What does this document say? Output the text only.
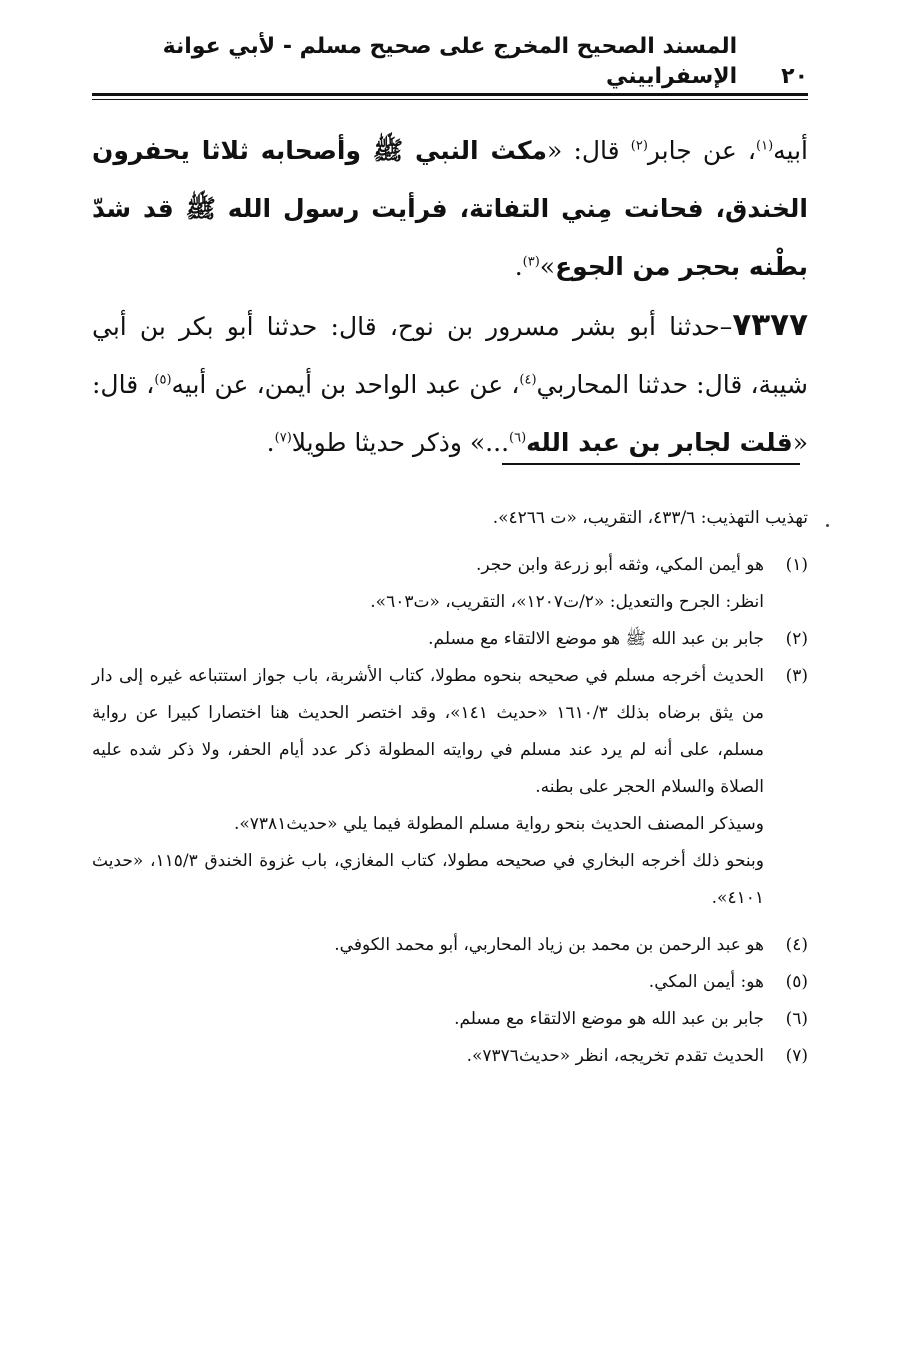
٢٠
المسند الصحيح المخرج على صحيح مسلم - لأبي عوانة الإسفراييني

أبيه$^{(١)}$، عن جابر$^{(٢)}$ قال: «مكث النبي ﷺ وأصحابه ثلاثا يحفرون الخندق، فحانت مِني التفاتة، فرأيت رسول الله ﷺ قد شدّ بطْنه بحجر من الجوع»$^{(٣)}$.

٧٣٧٧–حدثنا أبو بشر مسرور بن نوح، قال: حدثنا أبو بكر بن أبي شيبة، قال: حدثنا المحاربي$^{(٤)}$، عن عبد الواحد بن أيمن، عن أبيه$^{(٥)}$، قال: «قلت لجابر بن عبد الله$^{(٦)}$...» وذكر حديثا طويلا$^{(٧)}$.

تهذيب التهذيب: ٤٣٣/٦، التقريب، «ت ٤٢٦٦».
(١)
هو أيمن المكي، وثقه أبو زرعة وابن حجر.
انظر: الجرح والتعديل: «٢/ت١٢٠٧»، التقريب، «ت٦٠٣».
(٢)
جابر بن عبد الله ﷺ هو موضع الالتقاء مع مسلم.
(٣)
الحديث أخرجه مسلم في صحيحه بنحوه مطولا، كتاب الأشربة، باب جواز استتباعه غيره إلى دار من يثق برضاه بذلك ١٦١٠/٣ «حديث ١٤١»، وقد اختصر الحديث هنا اختصارا كبيرا عن رواية مسلم، على أنه لم يرد عند مسلم في روايته المطولة ذكر عدد أيام الحفر، ولا ذكر شده عليه الصلاة والسلام الحجر على بطنه.
وسيذكر المصنف الحديث بنحو رواية مسلم المطولة فيما يلي «حديث٧٣٨١».
وبنحو ذلك أخرجه البخاري في صحيحه مطولا، كتاب المغازي، باب غزوة الخندق ١١٥/٣، «حديث ٤١٠١».
(٤)
هو عبد الرحمن بن محمد بن زياد المحاربي، أبو محمد الكوفي.
(٥)
هو: أيمن المكي.
(٦)
جابر بن عبد الله هو موضع الالتقاء مع مسلم.
(٧)
الحديث تقدم تخريجه، انظر «حديث٧٣٧٦».
